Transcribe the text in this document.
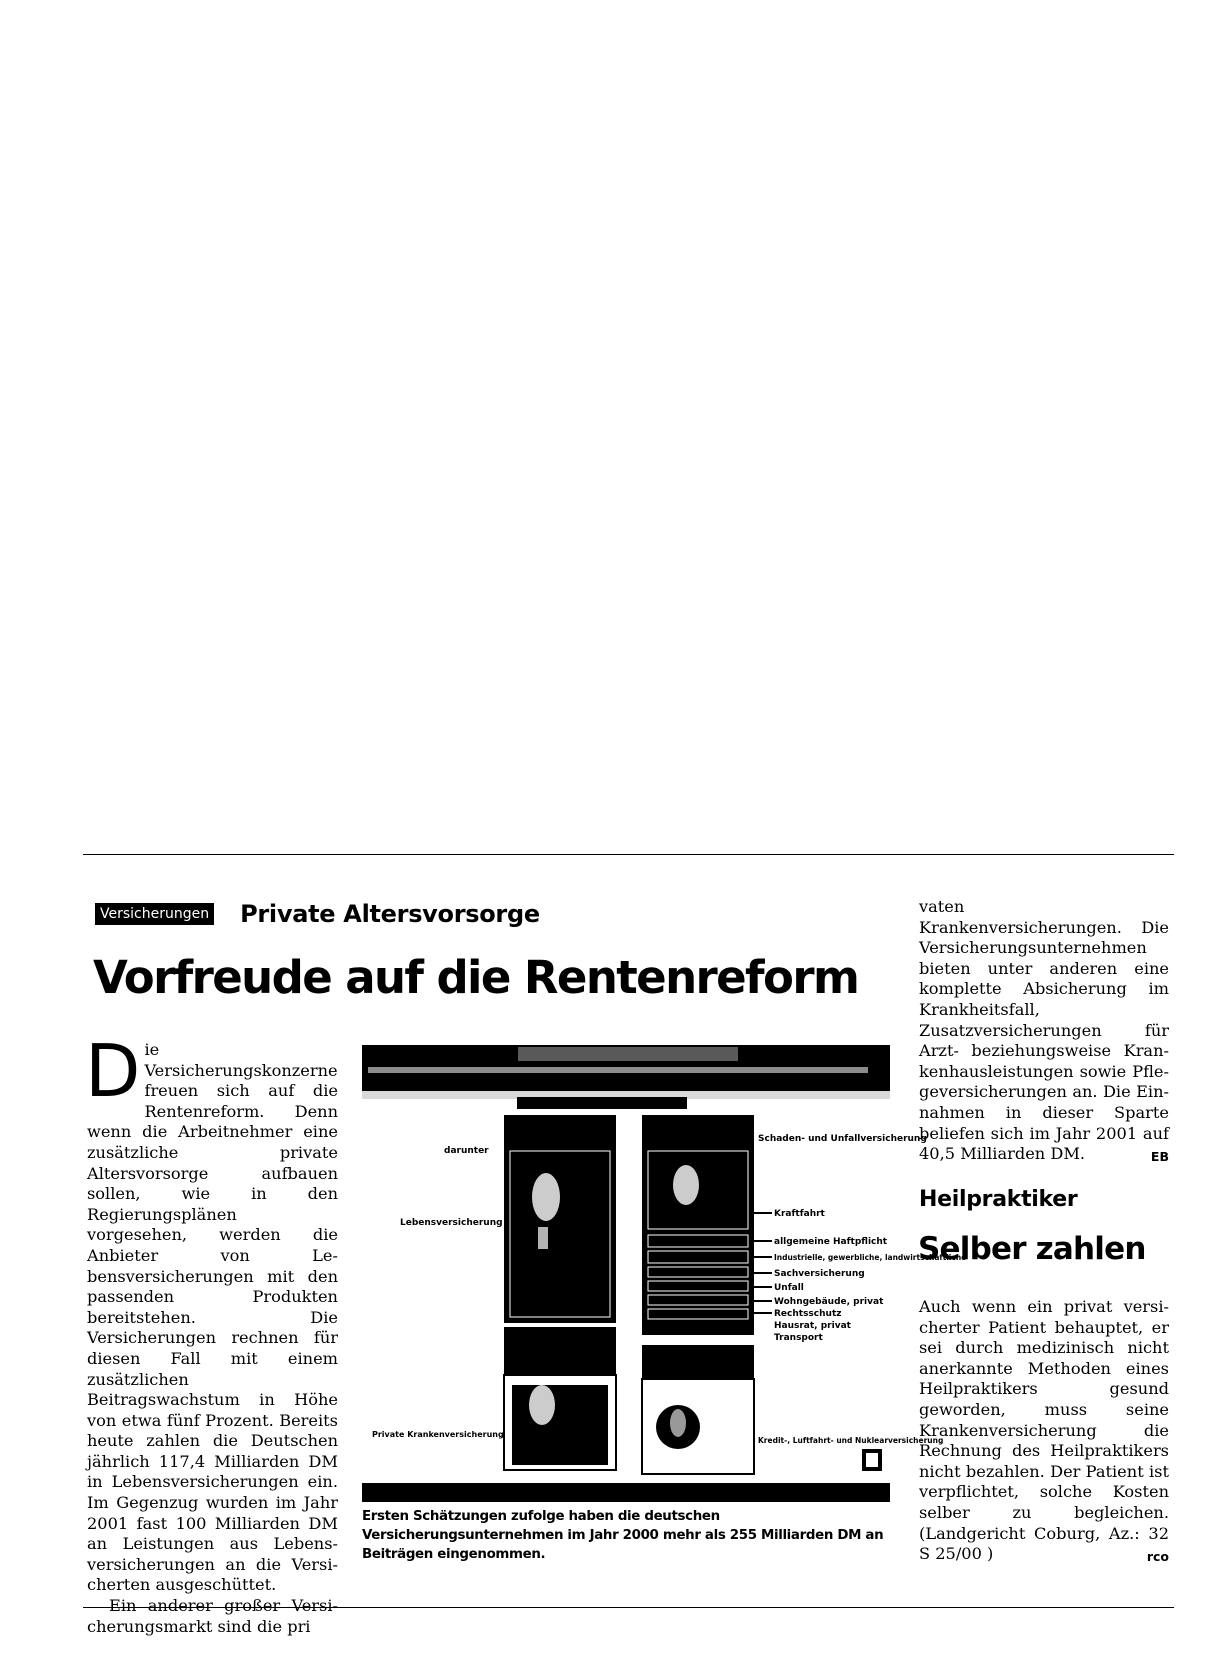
Versicherungen Private Altersvorsorge
Vorfreude auf die Rentenreform

Die Versicherungskonzerne freuen sich auf die Rentenreform. Denn wenn die Arbeitnehmer eine zusätzliche private Altersvorsorge aufbauen sollen, wie in den Regierungsplänen vorgesehen, werden die Anbieter von Lebensversicherungen mit den passenden Produkten bereitstehen. Die Versicherungen rechnen für diesen Fall mit einem zusätzlichen Beitragswachstum in Höhe von etwa fünf Prozent. Bereits heute zahlen die Deutschen jährlich 117,4 Milliarden DM in Lebensversicherungen ein. Im Gegenzug wurden im Jahr 2001 fast 100 Milliarden DM an Leistungen aus Lebensversicherungen an die Versicherten ausgeschüttet.

Ein anderer großer Versicherungsmarkt sind die pri

darunter
Lebensversicherung
Schaden- und Unfallversicherung
Kraftfahrt
allgemeine Haftpflicht
Industrielle, gewerbliche, landwirtschaftliche
Sachversicherung
Unfall
Wohngebäude, privat
Rechtsschutz
Hausrat, privat
Transport
Private Krankenversicherung
Kredit-, Luftfahrt- und Nuklearversicherung
Ersten Schätzungen zufolge haben die deutschen Versicherungsunternehmen im Jahr 2000 mehr als 255 Milliarden DM an Beiträgen eingenommen.

vaten Krankenversicherungen. Die Versicherungsunternehmen bieten unter anderen eine komplette Absicherung im Krankheitsfall, Zusatzversicherungen für Arzt- beziehungsweise Krankenhausleistungen sowie Pflegeversicherungen an. Die Einnahmen in dieser Sparte beliefen sich im Jahr 2001 auf 40,5 Milliarden DM.	EB

Heilpraktiker
Selber zahlen

Auch wenn ein privat versicherter Patient behauptet, er sei durch medizinisch nicht anerkannte Methoden eines Heilpraktikers gesund geworden, muss seine Krankenversicherung die Rechnung des Heilpraktikers nicht bezahlen. Der Patient ist verpflichtet, solche Kosten selber zu begleichen. (Landgericht Coburg, Az.: 32 S 25/00 )	rco
